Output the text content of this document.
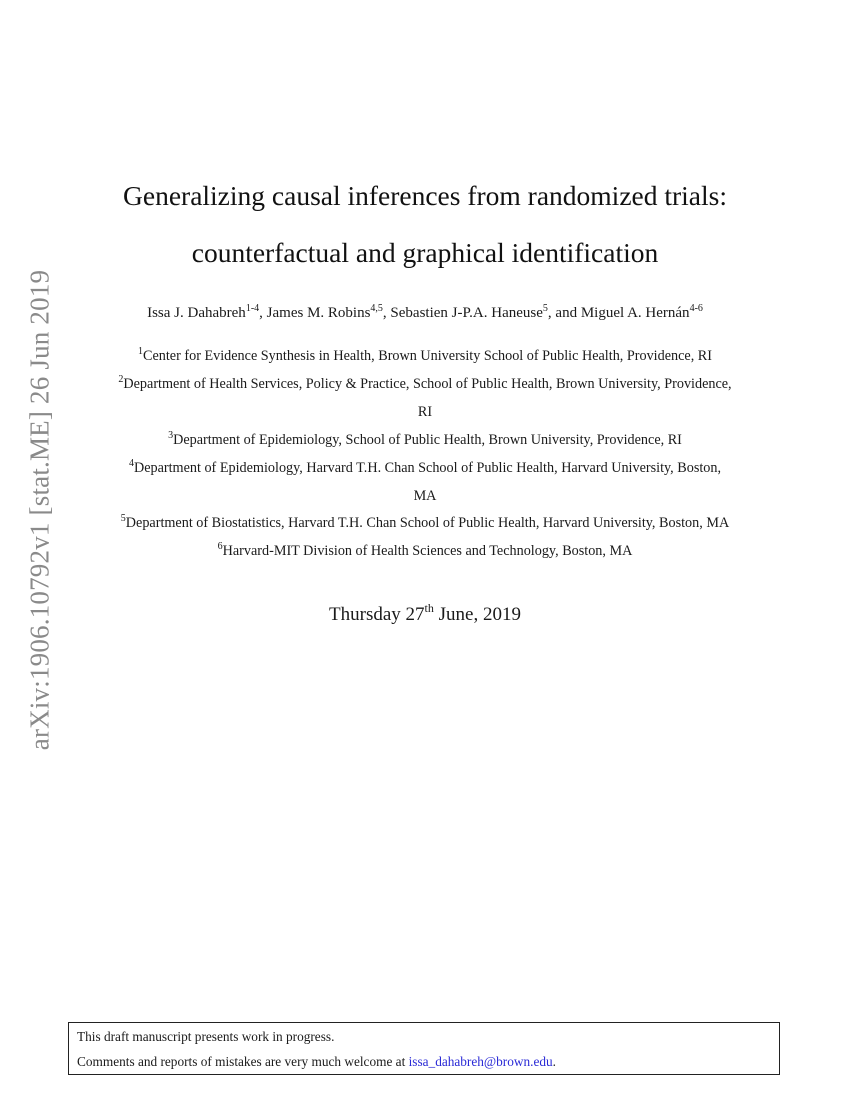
arXiv:1906.10792v1 [stat.ME] 26 Jun 2019
Generalizing causal inferences from randomized trials:
counterfactual and graphical identification
Issa J. Dahabreh$^{1-4}$, James M. Robins$^{4,5}$, Sebastien J-P.A. Haneuse$^5$, and Miguel A. Hernán$^{4-6}$
$^1$Center for Evidence Synthesis in Health, Brown University School of Public Health, Providence, RI
$^2$Department of Health Services, Policy & Practice, School of Public Health, Brown University, Providence,
RI
$^3$Department of Epidemiology, School of Public Health, Brown University, Providence, RI
$^4$Department of Epidemiology, Harvard T.H. Chan School of Public Health, Harvard University, Boston,
MA
$^5$Department of Biostatistics, Harvard T.H. Chan School of Public Health, Harvard University, Boston, MA
$^6$Harvard-MIT Division of Health Sciences and Technology, Boston, MA
Thursday 27th June, 2019
This draft manuscript presents work in progress.
Comments and reports of mistakes are very much welcome at issa_dahabreh@brown.edu.
